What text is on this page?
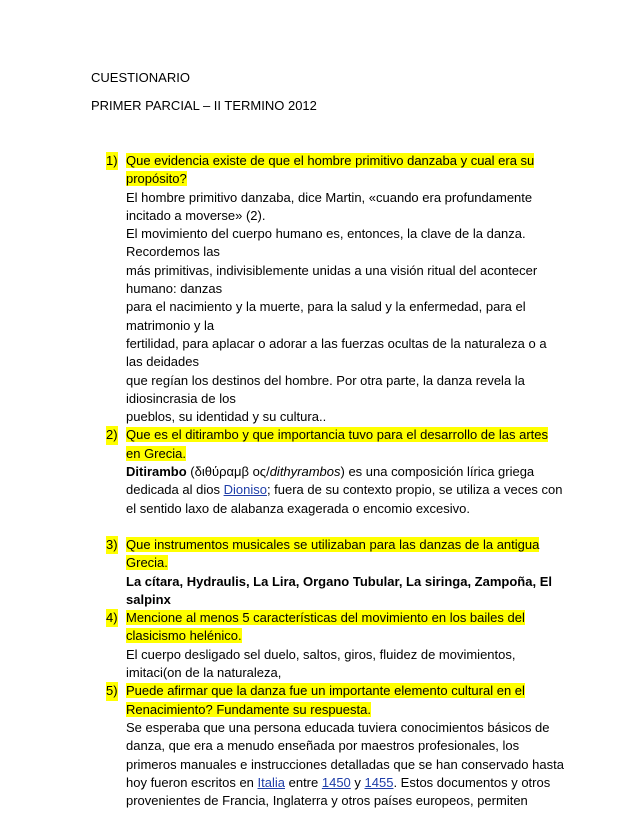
CUESTIONARIO
PRIMER PARCIAL – II TERMINO 2012
1) Que evidencia existe de que el hombre primitivo danzaba y cual era su
propósito?
El hombre primitivo danzaba, dice Martin, «cuando era profundamente
incitado a moverse» (2).
El movimiento del cuerpo humano es, entonces, la clave de la danza.
Recordemos las
más primitivas, indivisiblemente unidas a una visión ritual del acontecer
humano: danzas
para el nacimiento y la muerte, para la salud y la enfermedad, para el
matrimonio y la
fertilidad, para aplacar o adorar a las fuerzas ocultas de la naturaleza o a
las deidades
que regían los destinos del hombre. Por otra parte, la danza revela la
idiosincrasia de los
pueblos, su identidad y su cultura..
2) Que es el ditirambo y que importancia tuvo para el desarrollo de las artes
en Grecia.
Ditirambo (διθύραμβ ος/dithyrambos) es una composición lírica griega
dedicada al dios Dioniso; fuera de su contexto propio, se utiliza a veces con
el sentido laxo de alabanza exagerada o encomio excesivo.
3) Que instrumentos musicales se utilizaban para las danzas de la antigua
Grecia.
La cítara, Hydraulis, La Lira, Organo Tubular, La siringa, Zampoña, El
salpinx
4) Mencione al menos 5 características del movimiento en los bailes del
clasicismo helénico.
El cuerpo desligado sel duelo, saltos, giros, fluidez de movimientos,
imitaci(on de la naturaleza,
5) Puede afirmar que la danza fue un importante elemento cultural en el
Renacimiento? Fundamente su respuesta.
Se esperaba que una persona educada tuviera conocimientos básicos de
danza, que era a menudo enseñada por maestros profesionales, los
primeros manuales e instrucciones detalladas que se han conservado hasta
hoy fueron escritos en Italia entre 1450 y 1455. Estos documentos y otros
provenientes de Francia, Inglaterra y otros países europeos, permiten
